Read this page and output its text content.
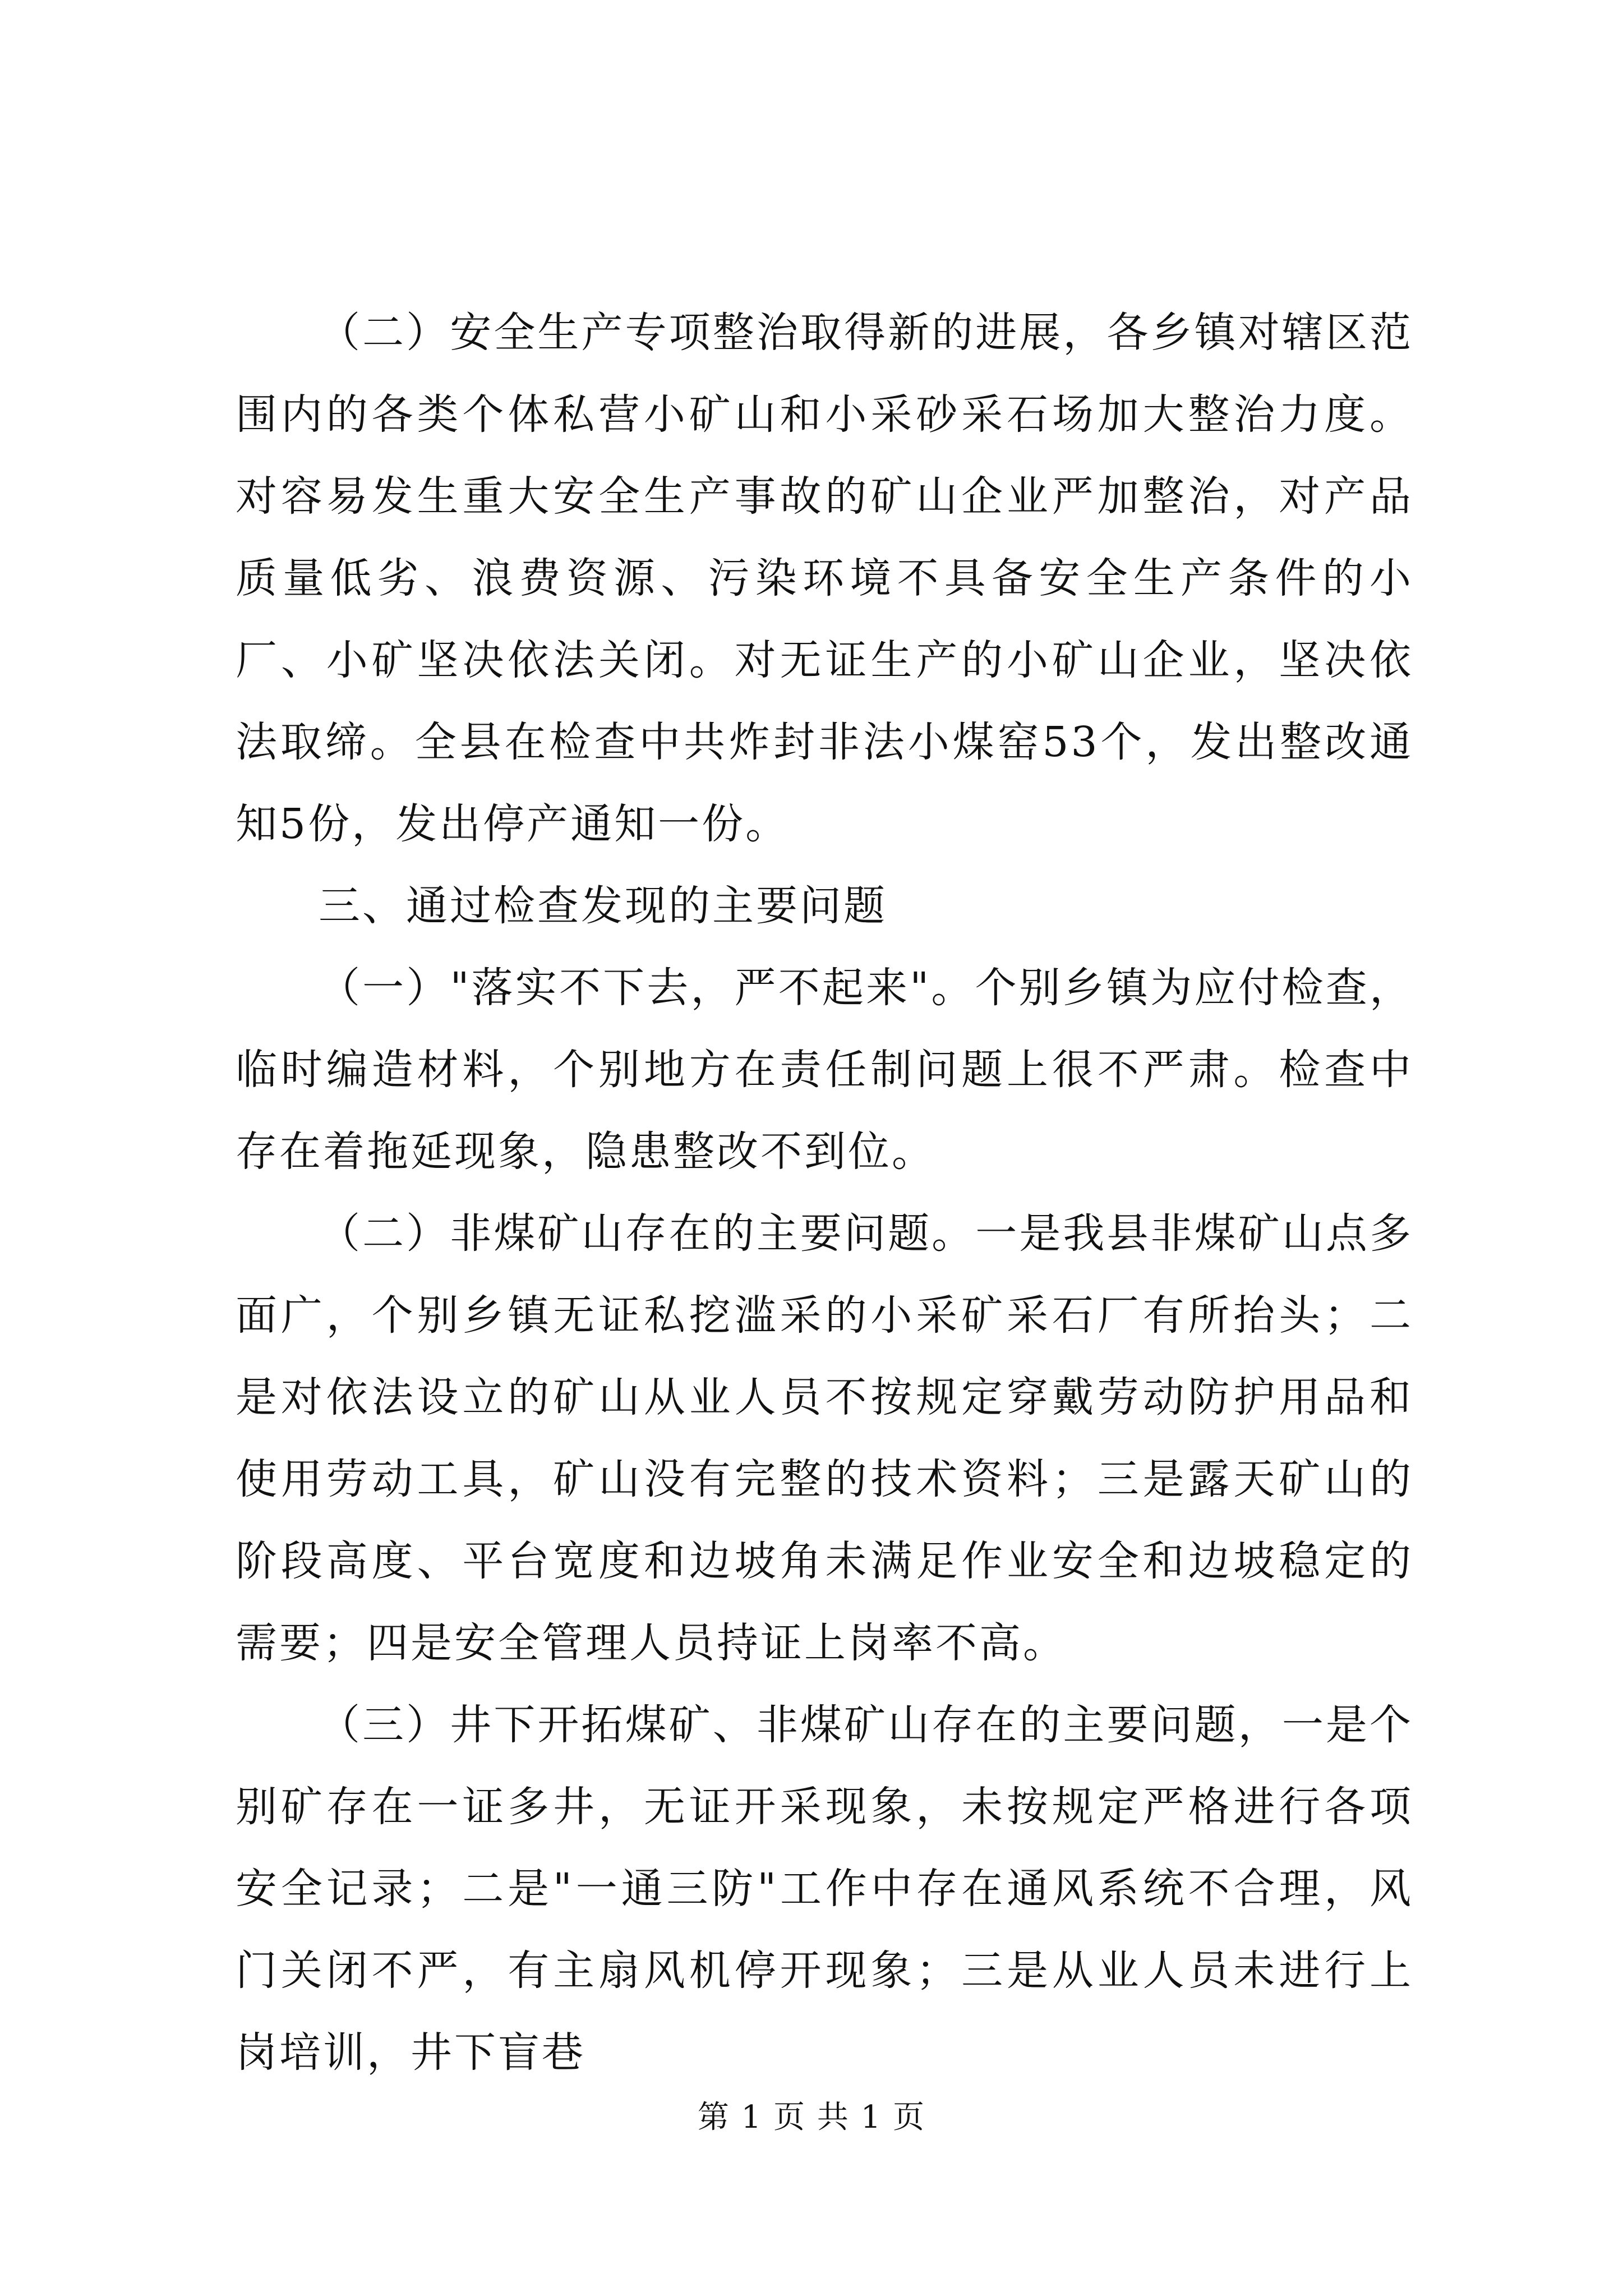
（二）安全生产专项整治取得新的进展，各乡镇对辖区范围内的各类个体私营小矿山和小采砂采石场加大整治力度。对容易发生重大安全生产事故的矿山企业严加整治，对产品质量低劣、浪费资源、污染环境不具备安全生产条件的小厂、小矿坚决依法关闭。对无证生产的小矿山企业，坚决依法取缔。全县在检查中共炸封非法小煤窑53个，发出整改通知5份，发出停产通知一份。

三、通过检查发现的主要问题

（一）"落实不下去，严不起来"。个别乡镇为应付检查，临时编造材料，个别地方在责任制问题上很不严肃。检查中存在着拖延现象，隐患整改不到位。

（二）非煤矿山存在的主要问题。一是我县非煤矿山点多面广，个别乡镇无证私挖滥采的小采矿采石厂有所抬头；二是对依法设立的矿山从业人员不按规定穿戴劳动防护用品和使用劳动工具，矿山没有完整的技术资料；三是露天矿山的阶段高度、平台宽度和边坡角未满足作业安全和边坡稳定的需要；四是安全管理人员持证上岗率不高。

（三）井下开拓煤矿、非煤矿山存在的主要问题，一是个别矿存在一证多井，无证开采现象，未按规定严格进行各项安全记录；二是"一通三防"工作中存在通风系统不合理，风门关闭不严，有主扇风机停开现象；三是从业人员未进行上岗培训，井下盲巷

第 1 页 共 1 页
